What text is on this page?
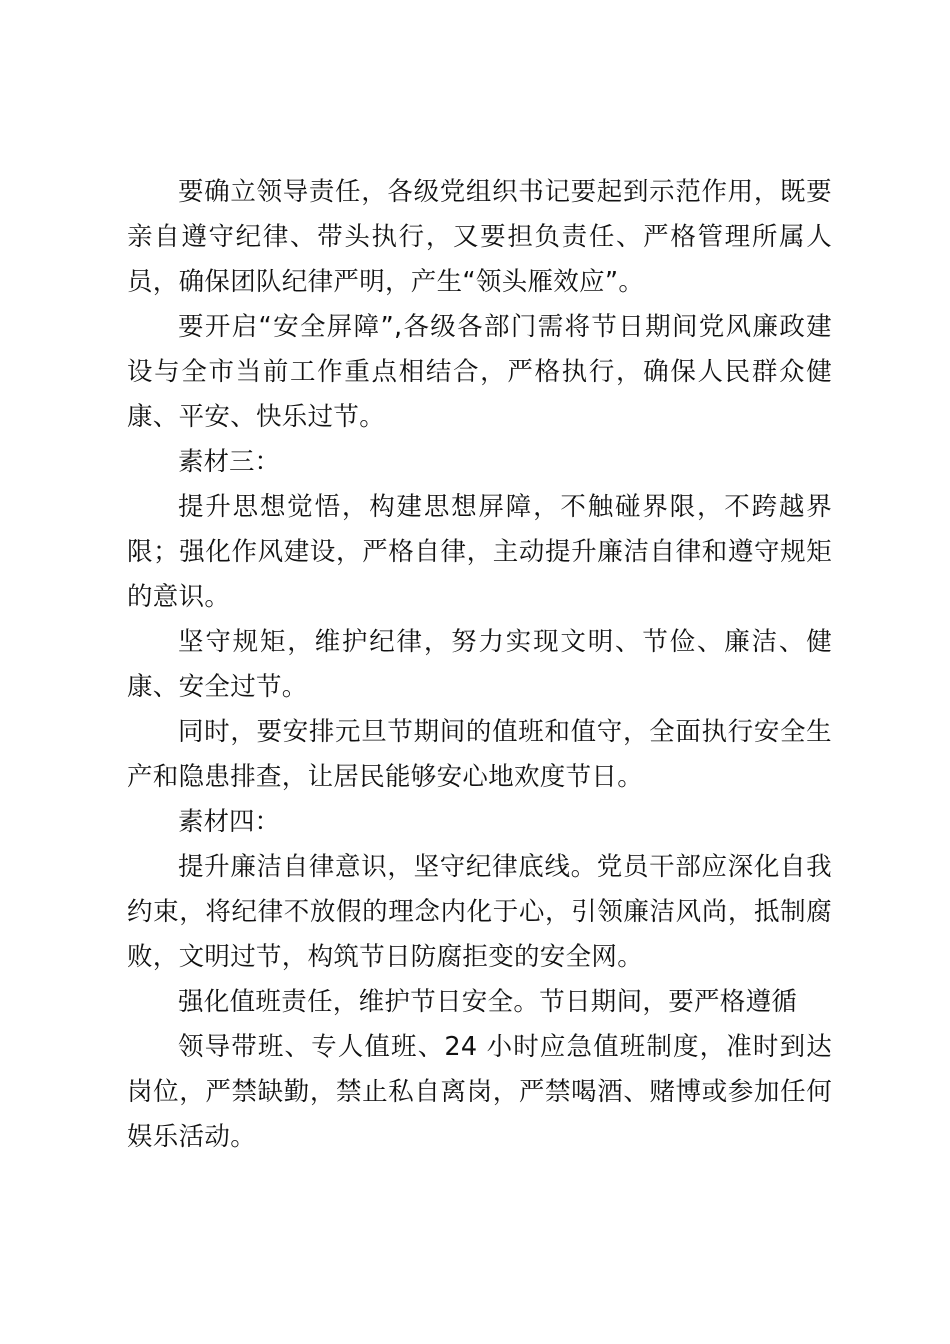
要确立领导责任，各级党组织书记要起到示范作用，既要亲自遵守纪律、带头执行，又要担负责任、严格管理所属人员，确保团队纪律严明，产生“领头雁效应”。

要开启“安全屏障”,各级各部门需将节日期间党风廉政建设与全市当前工作重点相结合，严格执行，确保人民群众健康、平安、快乐过节。

素材三：

提升思想觉悟，构建思想屏障，不触碰界限，不跨越界限；强化作风建设，严格自律，主动提升廉洁自律和遵守规矩的意识。

坚守规矩，维护纪律，努力实现文明、节俭、廉洁、健康、安全过节。

同时，要安排元旦节期间的值班和值守，全面执行安全生产和隐患排查，让居民能够安心地欢度节日。

素材四：

提升廉洁自律意识，坚守纪律底线。党员干部应深化自我约束，将纪律不放假的理念内化于心，引领廉洁风尚，抵制腐败，文明过节，构筑节日防腐拒变的安全网。

强化值班责任，维护节日安全。节日期间，要严格遵循

领导带班、专人值班、24 小时应急值班制度，准时到达岗位，严禁缺勤，禁止私自离岗，严禁喝酒、赌博或参加任何娱乐活动。
